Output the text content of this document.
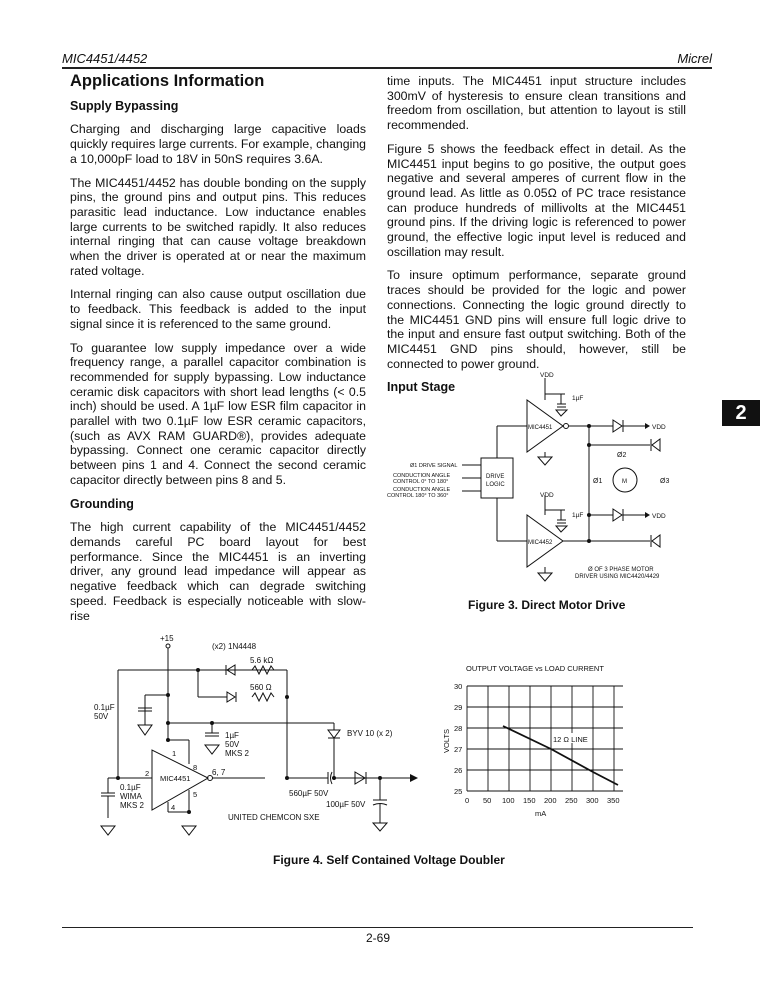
MIC4451/4452	Micrel
2
Applications Information
Supply Bypassing

Charging and discharging large capacitive loads quickly requires large currents. For example, changing a 10,000pF load to 18V in 50nS requires 3.6A.

The MIC4451/4452 has double bonding on the supply pins, the ground pins and output pins. This reduces parasitic lead inductance. Low inductance enables large currents to be switched rapidly. It also reduces internal ringing that can cause voltage breakdown when the driver is operated at or near the maximum rated voltage.

Internal ringing can also cause output oscillation due to feedback. This feedback is added to the input signal since it is referenced to the same ground.

To guarantee low supply impedance over a wide frequency range, a parallel capacitor combination is recommended for supply bypassing. Low inductance ceramic disk capacitors with short lead lengths (< 0.5 inch) should be used. A 1µF low ESR film capacitor in parallel with two 0.1µF low ESR ceramic capacitors, (such as AVX RAM GUARD®), provides adequate bypassing. Connect one ceramic capacitor directly between pins 1 and 4. Connect the second ceramic capacitor directly between pins 8 and 5.

Grounding

The high current capability of the MIC4451/4452 demands careful PC board layout for best performance. Since the MIC4451 is an inverting driver, any ground lead impedance will appear as negative feedback which can degrade switching speed. Feedback is especially noticeable with slow-rise

time inputs. The MIC4451 input structure includes 300mV of hysteresis to ensure clean transitions and freedom from oscillation, but attention to layout is still recommended.

Figure 5 shows the feedback effect in detail. As the MIC4451 input begins to go positive, the output goes negative and several amperes of current flow in the ground lead. As little as 0.05Ω of PC trace resistance can produce hundreds of millivolts at the MIC4451 ground pins. If the driving logic is referenced to power ground, the effective logic input level is reduced and oscillation may result.

To insure optimum performance, separate ground traces should be provided for the logic and power connections. Connecting the logic ground directly to the MIC4451 GND pins will ensure full logic drive to the input and ensure fast output switching. Both of the MIC4451 GND pins should, however, still be connected to power ground.

Input Stage
VDD
1µF
MIC4451	VDD
DRIVE
LOGIC
Ø1 DRIVE SIGNAL
CONDUCTION ANGLE
CONTROL 0° TO 180°
CONDUCTION ANGLE
CONTROL 180° TO 360°	VDD
1µF
MIC4452
VDD
Ø1
Ø2
Ø3
M
Ø OF 3 PHASE MOTOR
DRIVER USING MIC4420/4429
Figure 3. Direct Motor Drive
+15
(x2) 1N4448
5.6 kΩ
560 Ω
0.1µF
50V
1µF
50V
MKS 2
0.1µF
WIMA
MKS 2
MIC4451
1
2
4
5
8
6, 7
BYV 10 (x 2)
560µF 50V
100µF 50V
UNITED CHEMCON SXE
OUTPUT VOLTAGE vs LOAD CURRENT
12 Ω LINE
30
29
28
27
26
25
0 50 100 150 200 250 300 350
mA
VOLTS
Figure 4. Self Contained Voltage Doubler
2-69
